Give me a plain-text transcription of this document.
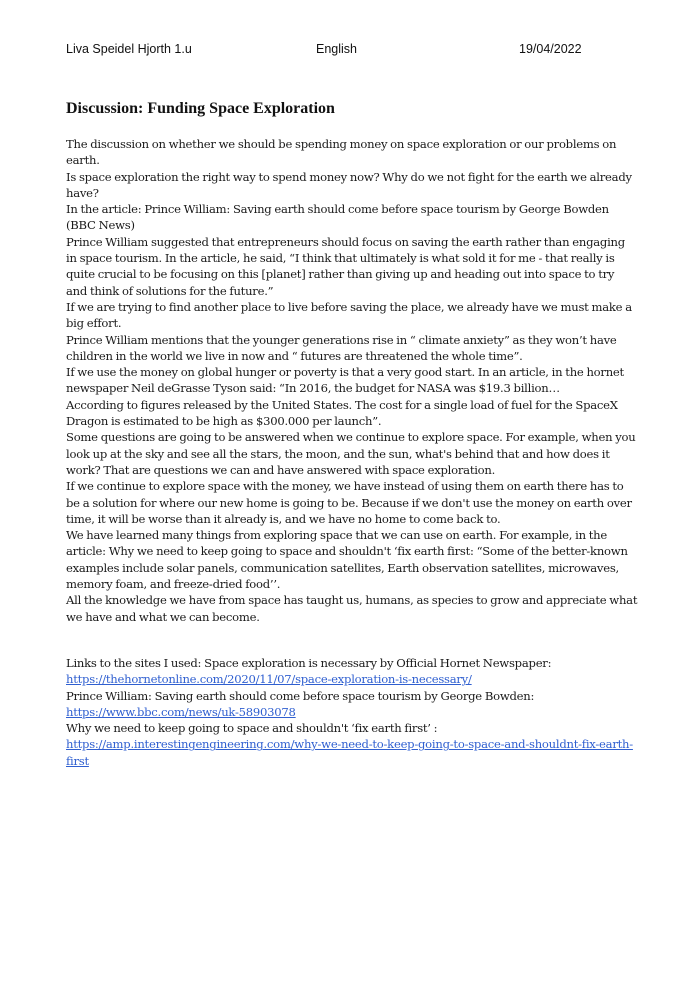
Liva Speidel Hjorth 1.u	English	19/04/2022
Discussion: Funding Space Exploration

The discussion on whether we should be spending money on space exploration or our problems on earth.

Is space exploration the right way to spend money now? Why do we not fight for the earth we already have?

In the article: Prince William: Saving earth should come before space tourism by George Bowden (BBC News)

Prince William suggested that entrepreneurs should focus on saving the earth rather than engaging in space tourism. In the article, he said, “I think that ultimately is what sold it for me - that really is quite crucial to be focusing on this [planet] rather than giving up and heading out into space to try and think of solutions for the future.”

If we are trying to find another place to live before saving the place, we already have we must make a big effort.

Prince William mentions that the younger generations rise in “ climate anxiety” as they won’t have children in the world we live in now and “ futures are threatened the whole time”.

If we use the money on global hunger or poverty is that a very good start. In an article, in the hornet newspaper Neil deGrasse Tyson said: “In 2016, the budget for NASA was $19.3 billion…

According to figures released by the United States. The cost for a single load of fuel for the SpaceX Dragon is estimated to be high as $300.000 per launch”.

Some questions are going to be answered when we continue to explore space. For example, when you look up at the sky and see all the stars, the moon, and the sun, what's behind that and how does it work? That are questions we can and have answered with space exploration.

If we continue to explore space with the money, we have instead of using them on earth there has to be a solution for where our new home is going to be. Because if we don't use the money on earth over time, it will be worse than it already is, and we have no home to come back to.

We have learned many things from exploring space that we can use on earth. For example, in the article: Why we need to keep going to space and shouldn't ‘fix earth first: “Some of the better-known examples include solar panels, communication satellites, Earth observation satellites, microwaves, memory foam, and freeze-dried food’’.

All the knowledge we have from space has taught us, humans, as species to grow and appreciate what we have and what we can become.

Links to the sites I used: Space exploration is necessary by Official Hornet Newspaper:

https://thehornetonline.com/2020/11/07/space-exploration-is-necessary/

Prince William: Saving earth should come before space tourism by George Bowden:

https://www.bbc.com/news/uk-58903078

Why we need to keep going to space and shouldn't ‘fix earth first’ :

https://amp.interestingengineering.com/why-we-need-to-keep-going-to-space-and-shouldnt-fix-earth-first
